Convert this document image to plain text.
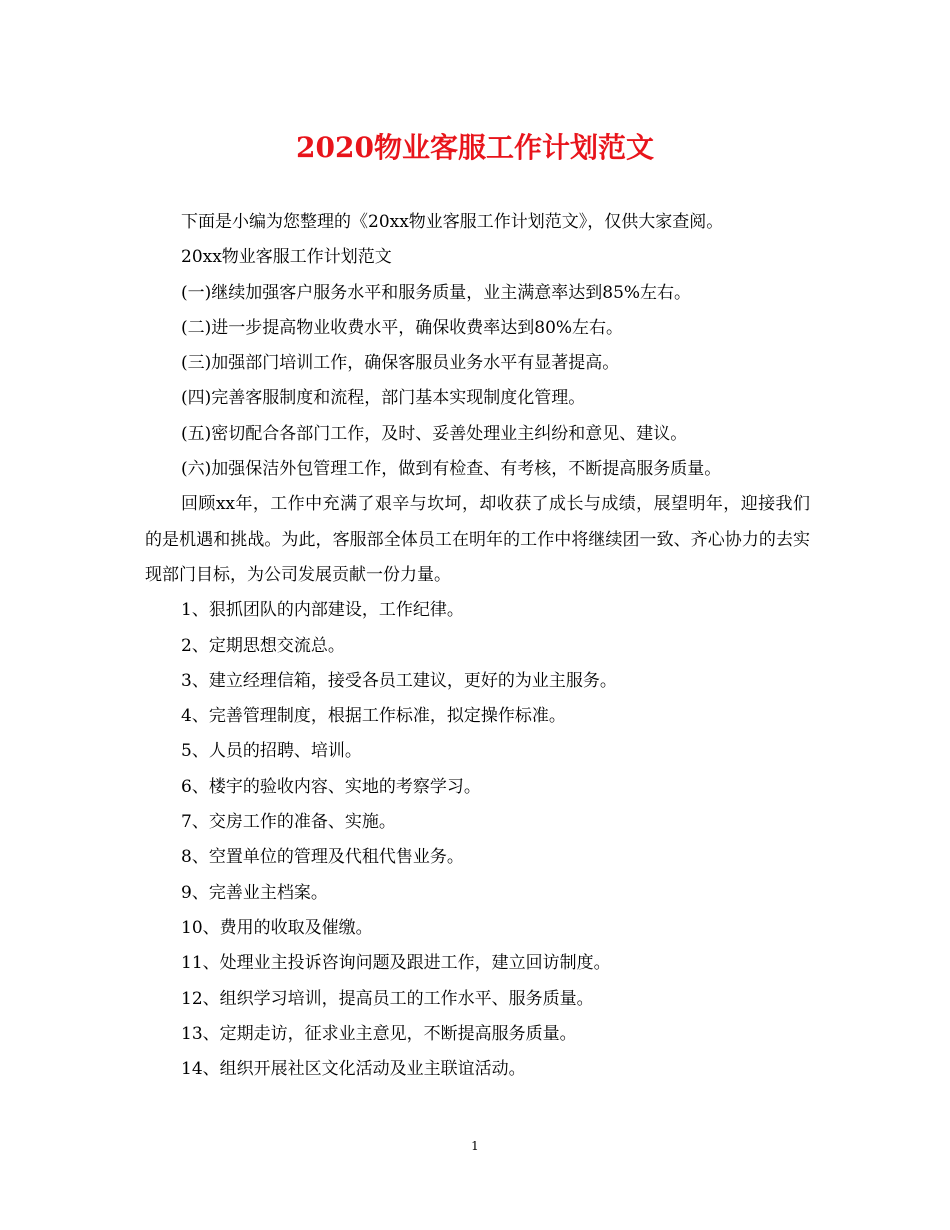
2020物业客服工作计划范文

下面是小编为您整理的《20xx物业客服工作计划范文》，仅供大家查阅。

20xx物业客服工作计划范文

(一)继续加强客户服务水平和服务质量，业主满意率达到85%左右。

(二)进一步提高物业收费水平，确保收费率达到80%左右。

(三)加强部门培训工作，确保客服员业务水平有显著提高。

(四)完善客服制度和流程，部门基本实现制度化管理。

(五)密切配合各部门工作，及时、妥善处理业主纠纷和意见、建议。

(六)加强保洁外包管理工作，做到有检查、有考核，不断提高服务质量。

回顾xx年，工作中充满了艰辛与坎坷，却收获了成长与成绩，展望明年，迎接我们的是机遇和挑战。为此，客服部全体员工在明年的工作中将继续团一致、齐心协力的去实现部门目标，为公司发展贡献一份力量。

1、狠抓团队的内部建设，工作纪律。

2、定期思想交流总。

3、建立经理信箱，接受各员工建议，更好的为业主服务。

4、完善管理制度，根据工作标准，拟定操作标准。

5、人员的招聘、培训。

6、楼宇的验收内容、实地的考察学习。

7、交房工作的准备、实施。

8、空置单位的管理及代租代售业务。

9、完善业主档案。

10、费用的收取及催缴。

11、处理业主投诉咨询问题及跟进工作，建立回访制度。

12、组织学习培训，提高员工的工作水平、服务质量。

13、定期走访，征求业主意见，不断提高服务质量。

14、组织开展社区文化活动及业主联谊活动。

1
